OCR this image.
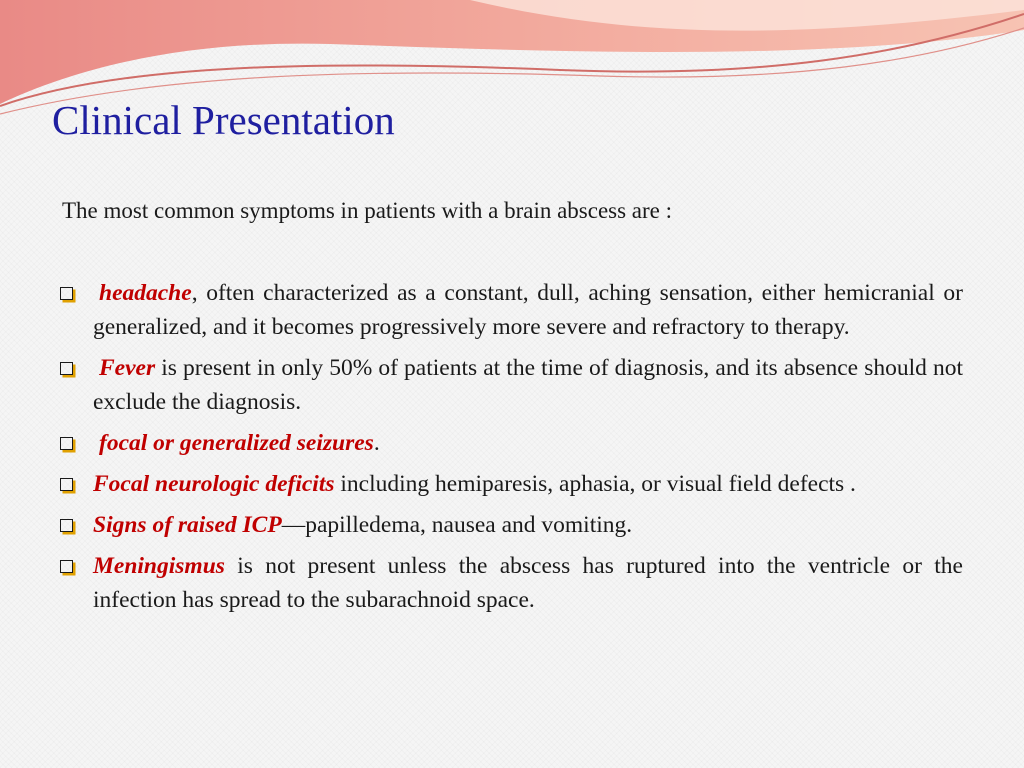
Clinical Presentation

The most common symptoms in patients with a brain abscess are :

headache, often characterized as a constant, dull, aching sensation, either hemicranial or generalized, and it becomes progressively more severe and refractory to therapy.
Fever is present in only 50% of patients at the time of diagnosis, and its absence should not exclude the diagnosis.
focal or generalized seizures.
Focal neurologic deficits including hemiparesis, aphasia, or visual field defects .
Signs of raised ICP—papilledema, nausea and vomiting.
Meningismus is not present unless the abscess has ruptured into the ventricle or the infection has spread to the subarachnoid space.
